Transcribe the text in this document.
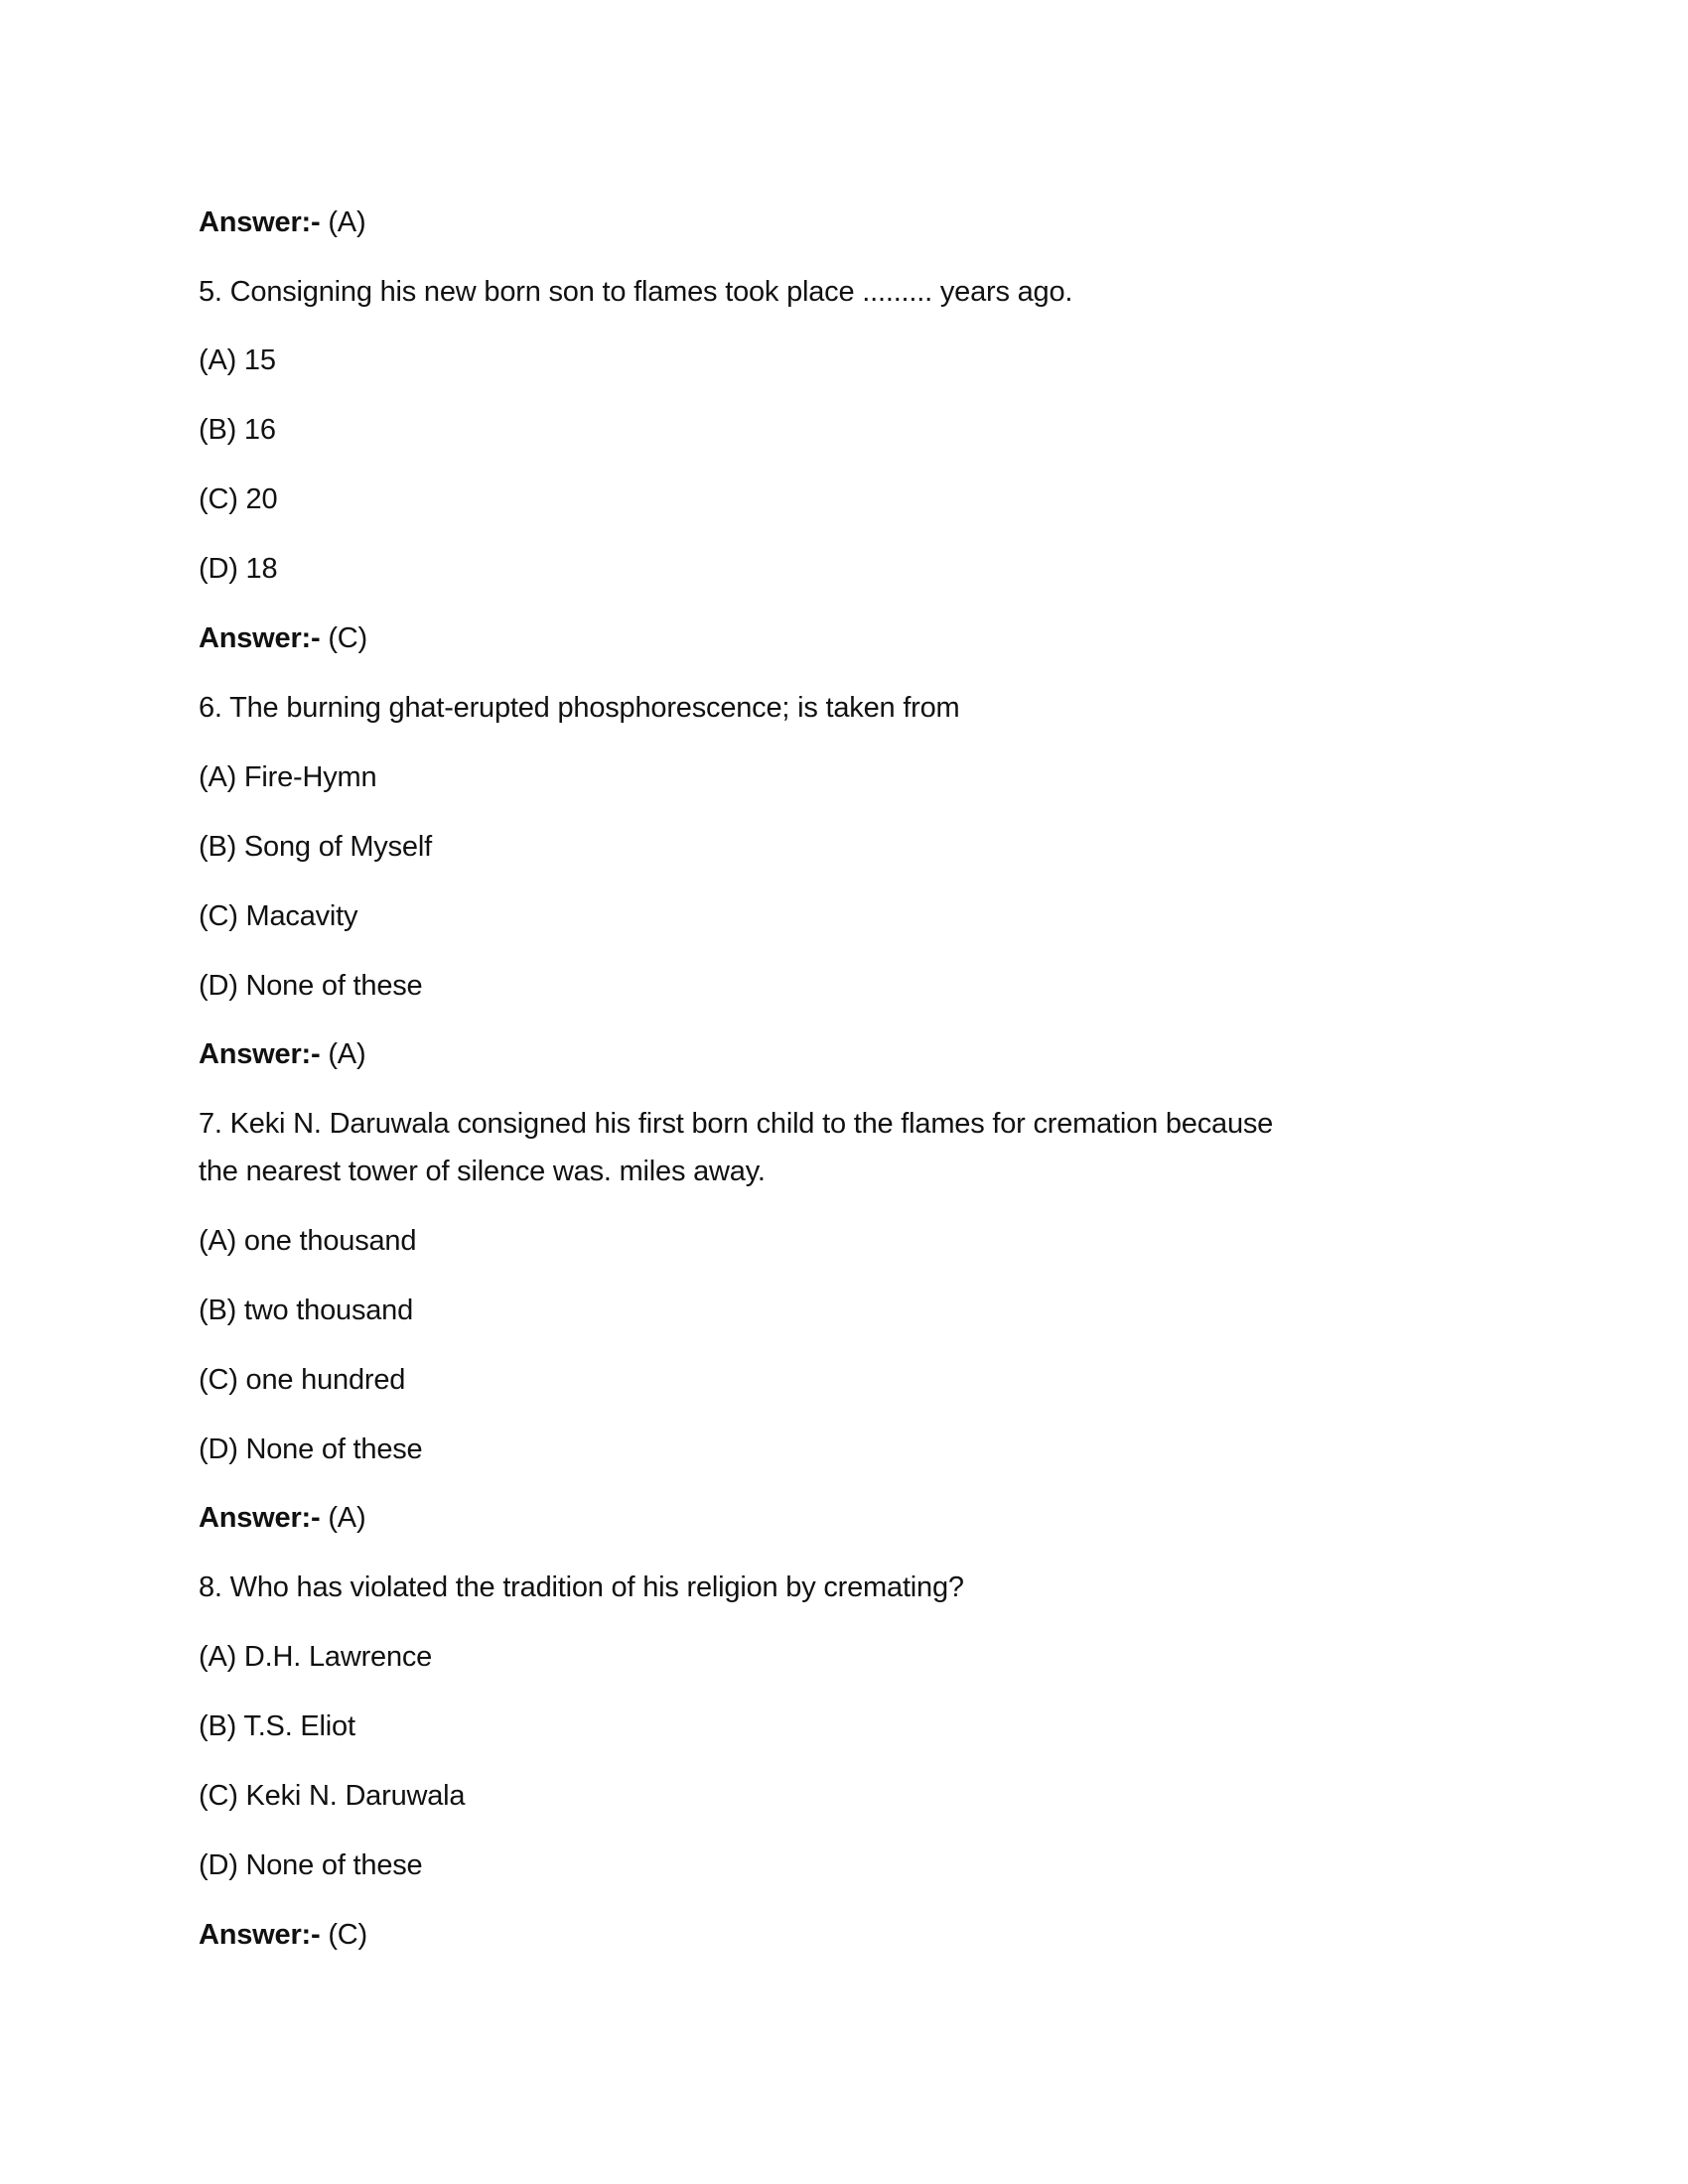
Answer:- (A)
5. Consigning his new born son to flames took place ......... years ago.
(A) 15
(B) 16
(C) 20
(D) 18
Answer:- (C)
6. The burning ghat-erupted phosphorescence; is taken from
(A) Fire-Hymn
(B) Song of Myself
(C) Macavity
(D) None of these
Answer:- (A)
7. Keki N. Daruwala consigned his first born child to the flames for cremation because
the nearest tower of silence was. miles away.
(A) one thousand
(B) two thousand
(C) one hundred
(D) None of these
Answer:- (A)
8. Who has violated the tradition of his religion by cremating?
(A) D.H. Lawrence
(B) T.S. Eliot
(C) Keki N. Daruwala
(D) None of these
Answer:- (C)
